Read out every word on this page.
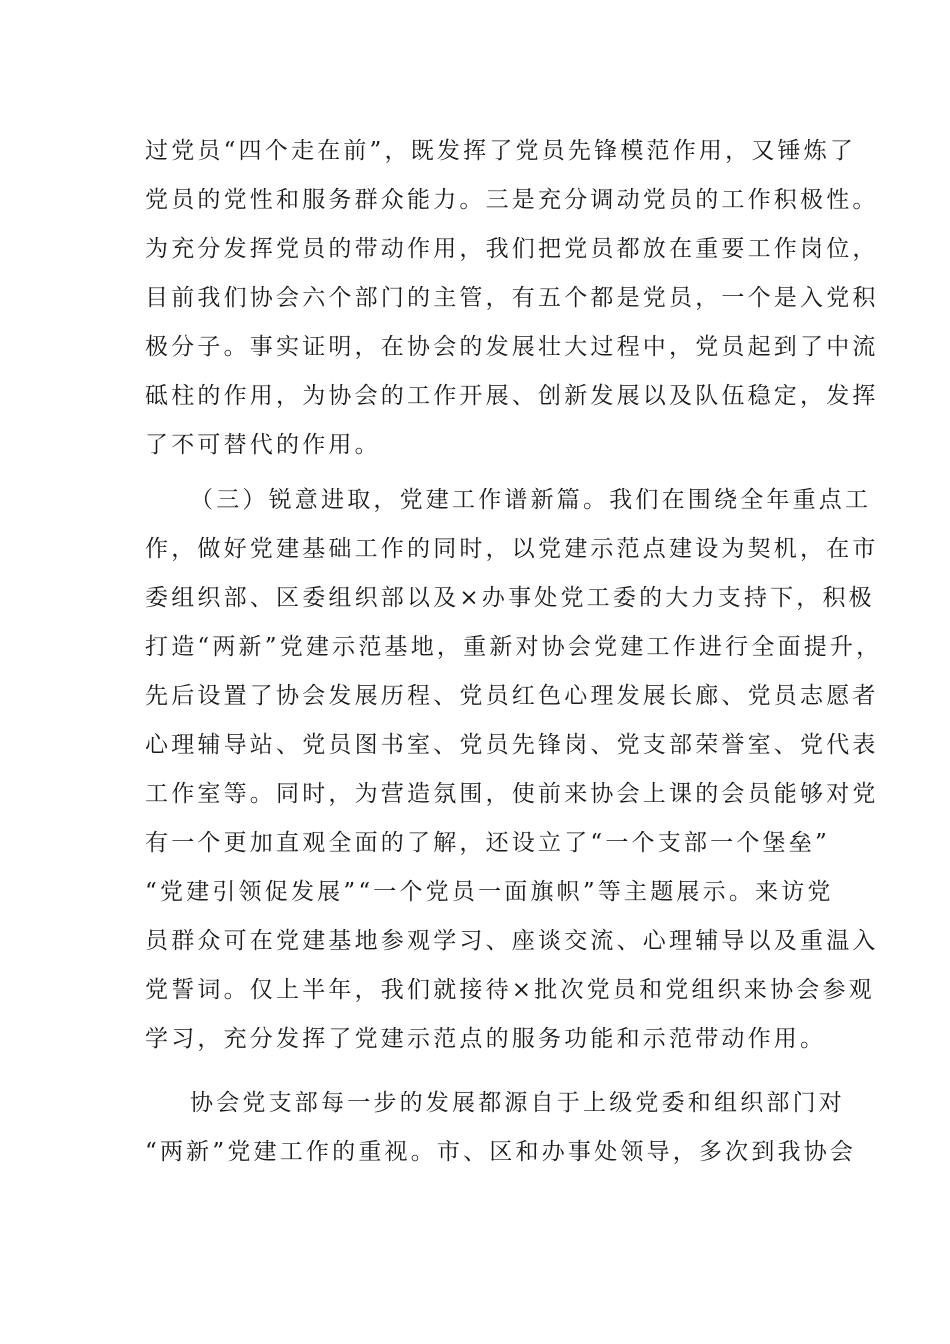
过党员“四个走在前”，既发挥了党员先锋模范作用，又锤炼了
党员的党性和服务群众能力。三是充分调动党员的工作积极性。
为充分发挥党员的带动作用，我们把党员都放在重要工作岗位，
目前我们协会六个部门的主管，有五个都是党员，一个是入党积
极分子。事实证明，在协会的发展壮大过程中，党员起到了中流
砥柱的作用，为协会的工作开展、创新发展以及队伍稳定，发挥
了不可替代的作用。
（三）锐意进取，党建工作谱新篇。我们在围绕全年重点工
作，做好党建基础工作的同时，以党建示范点建设为契机，在市
委组织部、区委组织部以及×办事处党工委的大力支持下，积极
打造“两新”党建示范基地，重新对协会党建工作进行全面提升，
先后设置了协会发展历程、党员红色心理发展长廊、党员志愿者
心理辅导站、党员图书室、党员先锋岗、党支部荣誉室、党代表
工作室等。同时，为营造氛围，使前来协会上课的会员能够对党
有一个更加直观全面的了解，还设立了“一个支部一个堡垒”
“党建引领促发展”“一个党员一面旗帜”等主题展示。来访党
员群众可在党建基地参观学习、座谈交流、心理辅导以及重温入
党誓词。仅上半年，我们就接待×批次党员和党组织来协会参观
学习，充分发挥了党建示范点的服务功能和示范带动作用。
协会党支部每一步的发展都源自于上级党委和组织部门对
“两新”党建工作的重视。市、区和办事处领导，多次到我协会
